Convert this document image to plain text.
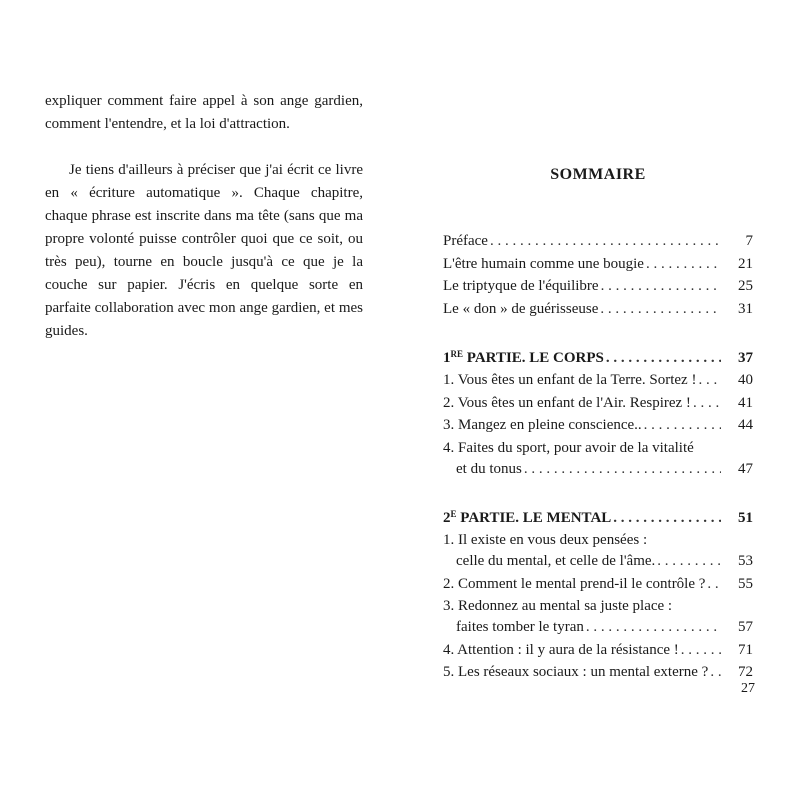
expliquer comment faire appel à son ange gardien, comment l'entendre, et la loi d'attraction.

Je tiens d'ailleurs à préciser que j'ai écrit ce livre en « écriture automatique ». Chaque chapitre, chaque phrase est inscrite dans ma tête (sans que ma propre volonté puisse contrôler quoi que ce soit, ou très peu), tourne en boucle jusqu'à ce que je la couche sur papier. J'écris en quelque sorte en parfaite collaboration avec mon ange gardien, et mes guides.

SOMMAIRE
Préface . . .	7
L'être humain comme une bougie . . .	21
Le triptyque de l'équilibre . . .	25
Le « don » de guérisseuse . . .	31
1RE PARTIE. LE CORPS . . .	37
1. Vous êtes un enfant de la Terre. Sortez ! . . .	40
2. Vous êtes un enfant de l'Air. Respirez ! . . .	41
3. Mangez en pleine conscience.. . . .	44
4. Faites du sport, pour avoir de la vitalité
et du tonus . . .	47
$2^E$ PARTIE. LE MENTAL . . .	51
1. Il existe en vous deux pensées :
celle du mental, et celle de l'âme. . . .	53
2. Comment le mental prend-il le contrôle ? . . .	55
3. Redonnez au mental sa juste place :
faites tomber le tyran . . .	57
4. Attention : il y aura de la résistance ! . . .	71
5. Les réseaux sociaux : un mental externe ? . . .	72
27
